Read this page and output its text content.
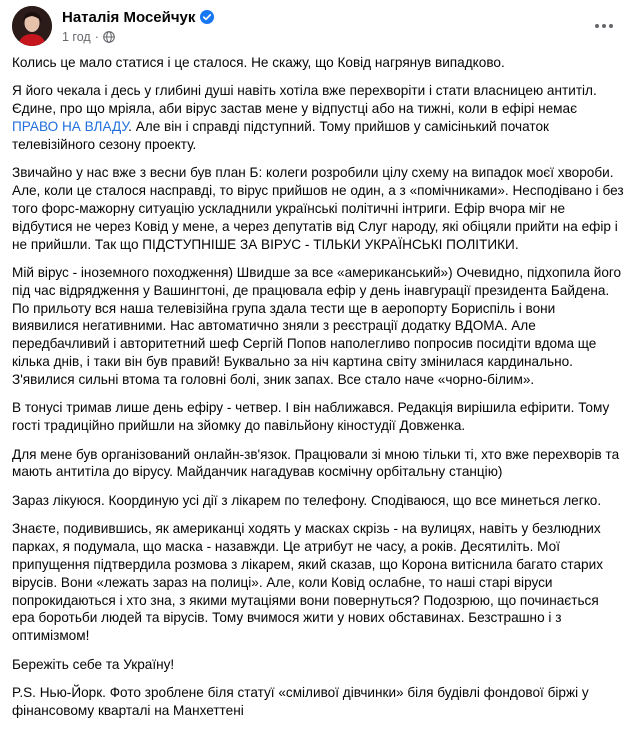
Наталія Мосейчук
1 год ·

Колись це мало статися і це сталося. Не скажу, що Ковід нагрянув випадково.

Я його чекала і десь у глибині душі навіть хотіла вже перехворіти і стати власницею антитіл. Єдине, про що мріяла, аби вірус застав мене у відпустці або на тижні, коли в ефірі немає ПРАВО НА ВЛАДУ. Але він і справді підступний. Тому прийшов у самісінький початок телевізійного сезону проекту.

Звичайно у нас вже з весни був план Б: колеги розробили цілу схему на випадок моєї хвороби. Але, коли це сталося насправді, то вірус прийшов не один, а з «помічниками». Несподівано і без того форс-мажорну ситуацію ускладнили українські політичні інтриги. Ефір вчора міг не відбутися не через Ковід у мене, а через депутатів від Слуг народу, які обіцяли прийти на ефір і не прийшли. Так що ПІДСТУПНІШЕ ЗА ВІРУС - ТІЛЬКИ УКРАЇНСЬКІ ПОЛІТИКИ.

Мій вірус - іноземного походження) Швидше за все «американський») Очевидно, підхопила його під час відрядження у Вашингтоні, де працювала ефір у день інавгурації президента Байдена. По прильоту вся наша телевізійна група здала тести ще в аеропорту Бориспіль і вони виявилися негативними. Нас автоматично зняли з реєстрації додатку ВДОМА. Але передбачливий і авторитетний шеф Сергій Попов наполегливо попросив посидіти вдома ще кілька днів, і таки він був правий! Буквально за ніч картина світу змінилася кардинально. З'явилися сильні втома та головні болі, зник запах. Все стало наче «чорно-білим».

В тонусі тримав лише день ефіру - четвер. І він наближався. Редакція вирішила ефірити. Тому гості традиційно прийшли на зйомку до павільйону кіностудії Довженка.

Для мене був організований онлайн-зв'язок. Працювали зі мною тільки ті, хто вже перехворів та мають антитіла до вірусу. Майданчик нагадував космічну орбітальну станцію)

Зараз лікуюся. Координую усі дії з лікарем по телефону. Сподіваюся, що все минеться легко.

Знаєте, подивившись, як американці ходять у масках скрізь - на вулицях, навіть у безлюдних парках, я подумала, що маска - назавжди. Це атрибут не часу, а років. Десятиліть. Мої припущення підтвердила розмова з лікарем, який сказав, що Корона витіснила багато старих вірусів. Вони «лежать зараз на полиці». Але, коли Ковід ослабне, то наші старі віруси попрокидаються і хто зна, з якими мутаціями вони повернуться? Подозрюю, що починається ера боротьби людей та вірусів. Тому вчимося жити у нових обставинах. Безстрашно і з оптимізмом!

Бережіть себе та Україну!

P.S. Нью-Йорк. Фото зроблене біля статуї «сміливої дівчинки» біля будівлі фондової біржі у фінансовому кварталі на Манхеттені
